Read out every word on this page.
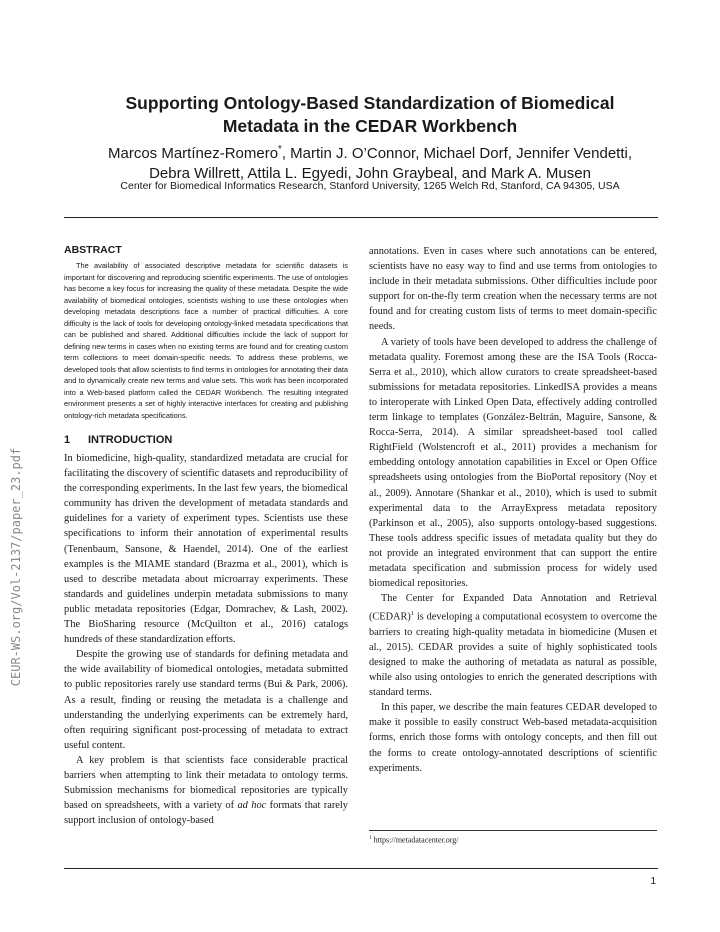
CEUR-WS.org/Vol-2137/paper_23.pdf
Supporting Ontology-Based Standardization of Biomedical Metadata in the CEDAR Workbench
Marcos Martínez-Romero*, Martin J. O’Connor, Michael Dorf, Jennifer Vendetti,
Debra Willrett, Attila L. Egyedi, John Graybeal, and Mark A. Musen
Center for Biomedical Informatics Research, Stanford University, 1265 Welch Rd, Stanford, CA 94305, USA
ABSTRACT

The availability of associated descriptive metadata for scientific datasets is important for discovering and reproducing scientific experiments. The use of ontologies has become a key focus for increasing the quality of these metadata. Despite the wide availability of biomedical ontologies, scientists wishing to use these ontologies when developing metadata descriptions face a number of practical difficulties. A core difficulty is the lack of tools for developing ontology-linked metadata specifications that can be published and shared. Additional difficulties include the lack of support for defining new terms in cases when no existing terms are found and for creating custom term collections to meet domain-specific needs. To address these problems, we developed tools that allow scientists to find terms in ontologies for annotating their data and to dynamically create new terms and value sets. This work has been incorporated into a Web-based platform called the CEDAR Workbench. The resulting integrated environment presents a set of highly interactive interfaces for creating and publishing ontology-rich metadata specifications.

1 INTRODUCTION

In biomedicine, high-quality, standardized metadata are crucial for facilitating the discovery of scientific datasets and reproducibility of the corresponding experiments. In the last few years, the biomedical community has driven the development of metadata standards and guidelines for a variety of experiment types. Scientists use these specifications to inform their annotation of experimental results (Tenenbaum, Sansone, & Haendel, 2014). One of the earliest examples is the MIAME standard (Brazma et al., 2001), which is used to describe metadata about microarray experiments. These standards and guidelines underpin metadata submissions to many public metadata repositories (Edgar, Domrachev, & Lash, 2002). The BioSharing resource (McQuilton et al., 2016) catalogs hundreds of these standardization efforts.

Despite the growing use of standards for defining metadata and the wide availability of biomedical ontologies, metadata submitted to public repositories rarely use standard terms (Bui & Park, 2006). As a result, finding or reusing the metadata is a challenge and understanding the underlying experiments can be extremely hard, often requiring significant post-processing of metadata to extract useful content.

A key problem is that scientists face considerable practical barriers when attempting to link their metadata to ontology terms. Submission mechanisms for biomedical repositories are typically based on spreadsheets, with a variety of ad hoc formats that rarely support inclusion of ontology-based

annotations. Even in cases where such annotations can be entered, scientists have no easy way to find and use terms from ontologies to include in their metadata submissions. Other difficulties include poor support for on-the-fly term creation when the necessary terms are not found and for creating custom lists of terms to meet domain-specific needs.

A variety of tools have been developed to address the challenge of metadata quality. Foremost among these are the ISA Tools (Rocca-Serra et al., 2010), which allow curators to create spreadsheet-based submissions for metadata repositories. LinkedISA provides a means to interoperate with Linked Open Data, effectively adding controlled term linkage to templates (González-Beltrán, Maguire, Sansone, & Rocca-Serra, 2014). A similar spreadsheet-based tool called RightField (Wolstencroft et al., 2011) provides a mechanism for embedding ontology annotation capabilities in Excel or Open Office spreadsheets using ontologies from the BioPortal repository (Noy et al., 2009). Annotare (Shankar et al., 2010), which is used to submit experimental data to the ArrayExpress metadata repository (Parkinson et al., 2005), also supports ontology-based suggestions. These tools address specific issues of metadata quality but they do not provide an integrated environment that can support the entire metadata specification and submission process for widely used biomedical repositories.

The Center for Expanded Data Annotation and Retrieval (CEDAR)$^1$ is developing a computational ecosystem to overcome the barriers to creating high-quality metadata in biomedicine (Musen et al., 2015). CEDAR provides a suite of highly sophisticated tools designed to make the authoring of metadata as natural as possible, while also using ontologies to enrich the generated descriptions with standard terms.

In this paper, we describe the main features CEDAR developed to make it possible to easily construct Web-based metadata-acquisition forms, enrich those forms with ontology concepts, and then fill out the forms to create ontology-annotated descriptions of scientific experiments.

$^1$ https://metadatacenter.org/
1
